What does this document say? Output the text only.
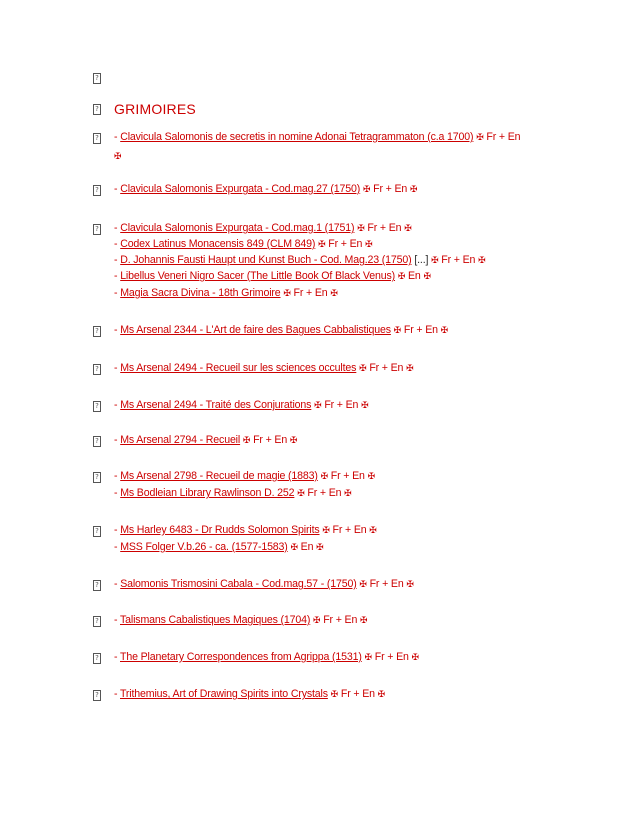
?
?
?
?
?
?
?
?
?
?
?
?
?
?
?
GRIMOIRES
- Clavicula Salomonis de secretis in nomine Adonai Tetragrammaton (c.a 1700) ✠ Fr + En
✠
- Clavicula Salomonis Expurgata - Cod.mag.27 (1750) ✠ Fr + En ✠
- Clavicula Salomonis Expurgata - Cod.mag.1 (1751) ✠ Fr + En ✠
- Codex Latinus Monacensis 849 (CLM 849) ✠ Fr + En ✠
- D. Johannis Fausti Haupt und Kunst Buch - Cod. Mag.23 (1750) [...] ✠ Fr + En ✠
- Libellus Veneri Nigro Sacer (The Little Book Of Black Venus) ✠ En ✠
- Magia Sacra Divina - 18th Grimoire ✠ Fr + En ✠
- Ms Arsenal 2344 - L'Art de faire des Bagues Cabbalistiques ✠ Fr + En ✠
- Ms Arsenal 2494 - Recueil sur les sciences occultes ✠ Fr + En ✠
- Ms Arsenal 2494 - Traité des Conjurations ✠ Fr + En ✠
- Ms Arsenal 2794 - Recueil ✠ Fr + En ✠
- Ms Arsenal 2798 - Recueil de magie (1883) ✠ Fr + En ✠
- Ms Bodleian Library Rawlinson D. 252 ✠ Fr + En ✠
- Ms Harley 6483 - Dr Rudds Solomon Spirits ✠ Fr + En ✠
- MSS Folger V.b.26 - ca. (1577-1583) ✠ En ✠
- Salomonis Trismosini Cabala - Cod.mag.57 - (1750) ✠ Fr + En ✠
- Talismans Cabalistiques Magiques (1704) ✠ Fr + En ✠
- The Planetary Correspondences from Agrippa (1531) ✠ Fr + En ✠
- Trithemius, Art of Drawing Spirits into Crystals ✠ Fr + En ✠
